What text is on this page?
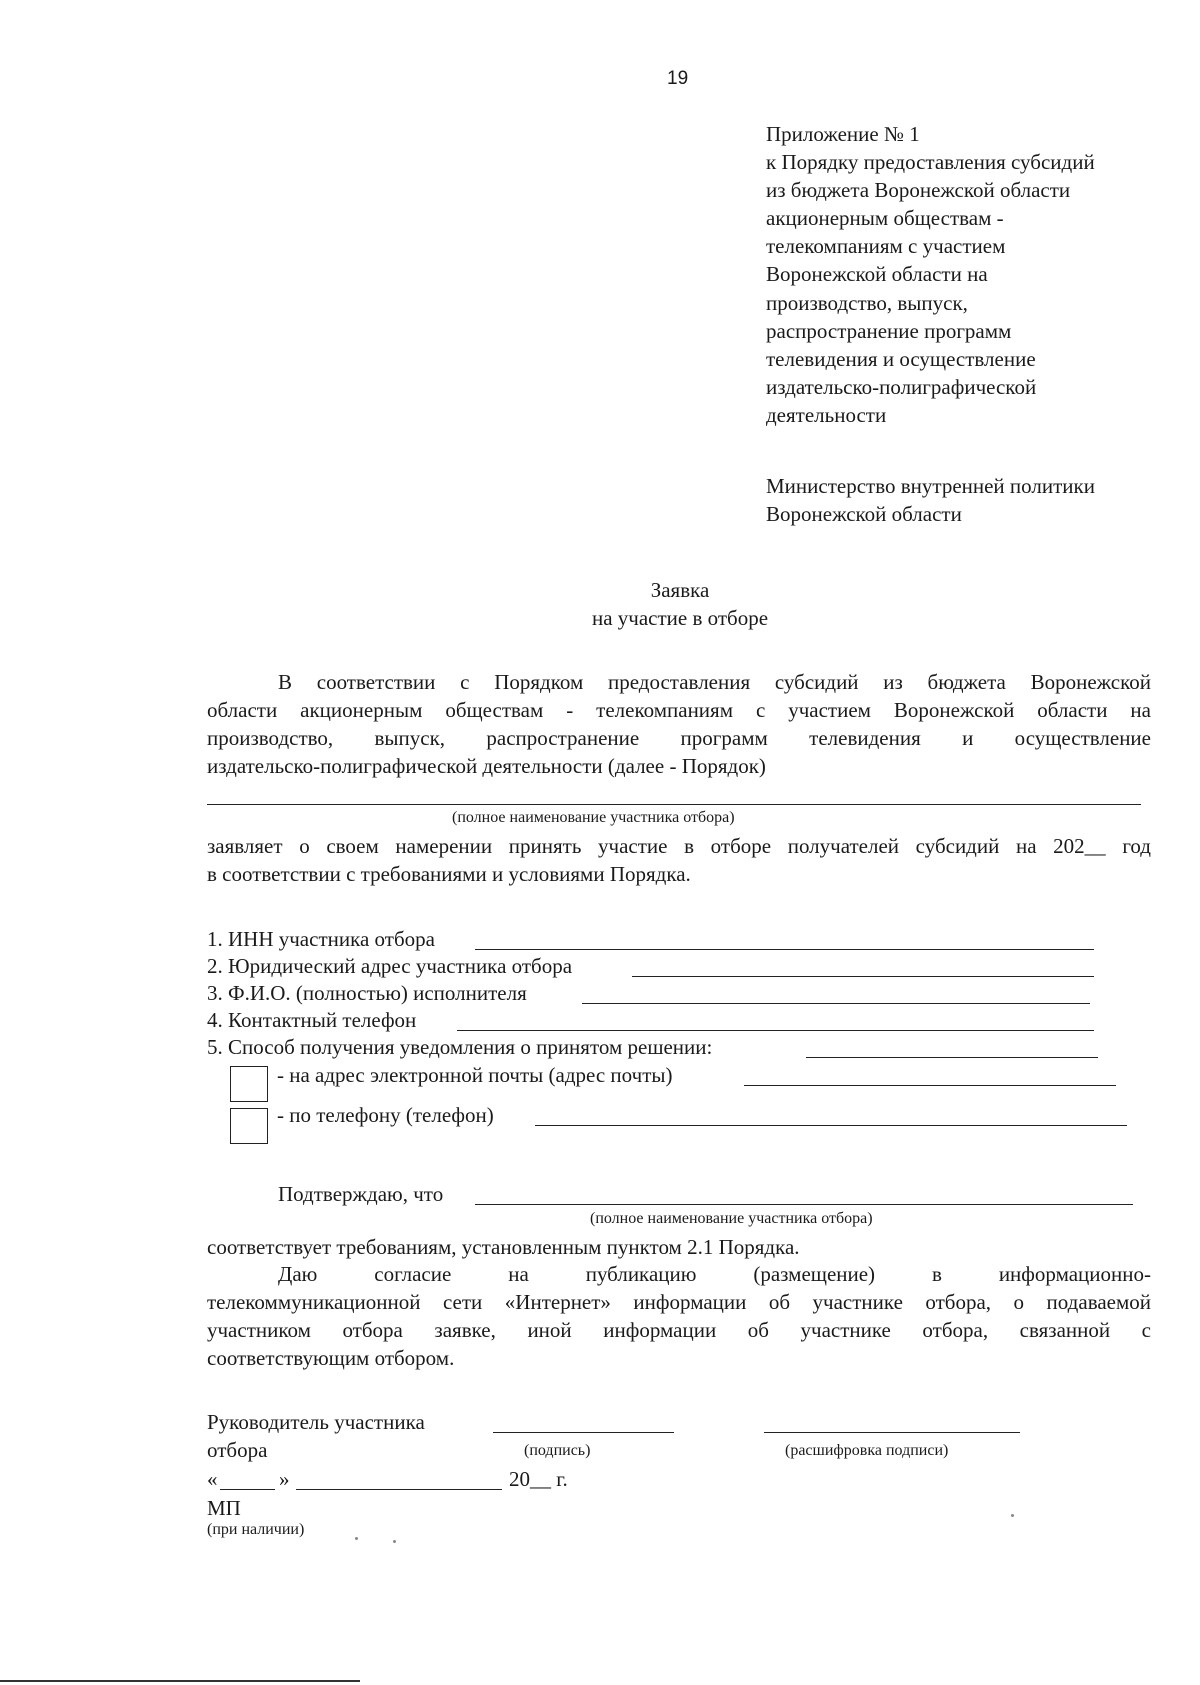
19
Приложение № 1
к Порядку предоставления субсидий
из бюджета Воронежской области
акционерным обществам -
телекомпаниям с участием
Воронежской области на
производство, выпуск,
распространение программ
телевидения и осуществление
издательско-полиграфической
деятельности
Министерство внутренней политики
Воронежской области
Заявка
на участие в отборе
В соответствии с Порядком предоставления субсидий из бюджета Воронежской
области акционерным обществам - телекомпаниям с участием Воронежской области на
производство, выпуск, распространение программ телевидения и осуществление
издательско-полиграфической деятельности (далее - Порядок)
(полное наименование участника отбора)
заявляет о своем намерении принять участие в отборе получателей субсидий на 202__ год
в соответствии с требованиями и условиями Порядка.
1. ИНН участника отбора
2. Юридический адрес участника отбора
3. Ф.И.О. (полностью) исполнителя
4. Контактный телефон
5. Способ получения уведомления о принятом решении:
- на адрес электронной почты (адрес почты)
- по телефону (телефон)
Подтверждаю, что
(полное наименование участника отбора)
соответствует требованиям, установленным пунктом 2.1 Порядка.
Даю согласие на публикацию (размещение) в информационно-
телекоммуникационной сети «Интернет» информации об участнике отбора, о подаваемой
участником отбора заявке, иной информации об участнике отбора, связанной с
соответствующим отбором.
Руководитель участника
отбора	(подпись)	(расшифровка подписи)
«	»	20__ г.
МП
(при наличии)
